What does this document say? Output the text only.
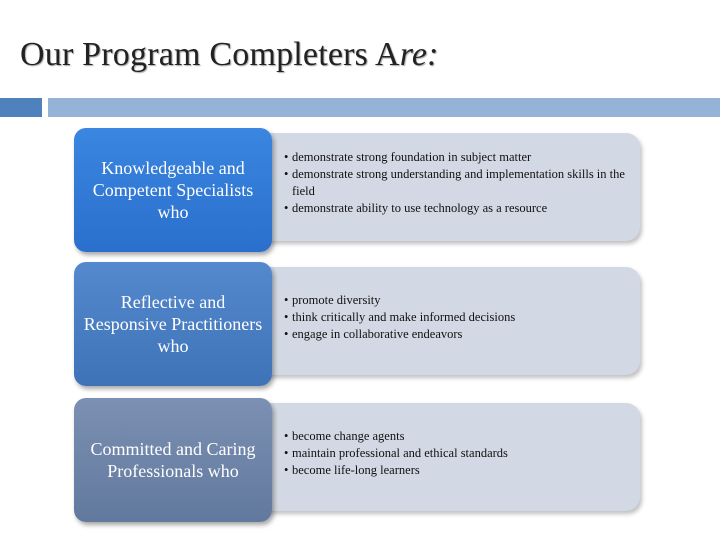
Our Program Completers Are:
Knowledgeable and Competent Specialists who
• demonstrate strong foundation in subject matter
• demonstrate strong understanding and implementation skills in the field
• demonstrate ability to use technology as a resource
Reflective and Responsive Practitioners who
• promote diversity
• think critically and make informed decisions
• engage in collaborative endeavors
Committed and Caring Professionals who
• become change agents
• maintain professional and ethical standards
• become life-long learners
